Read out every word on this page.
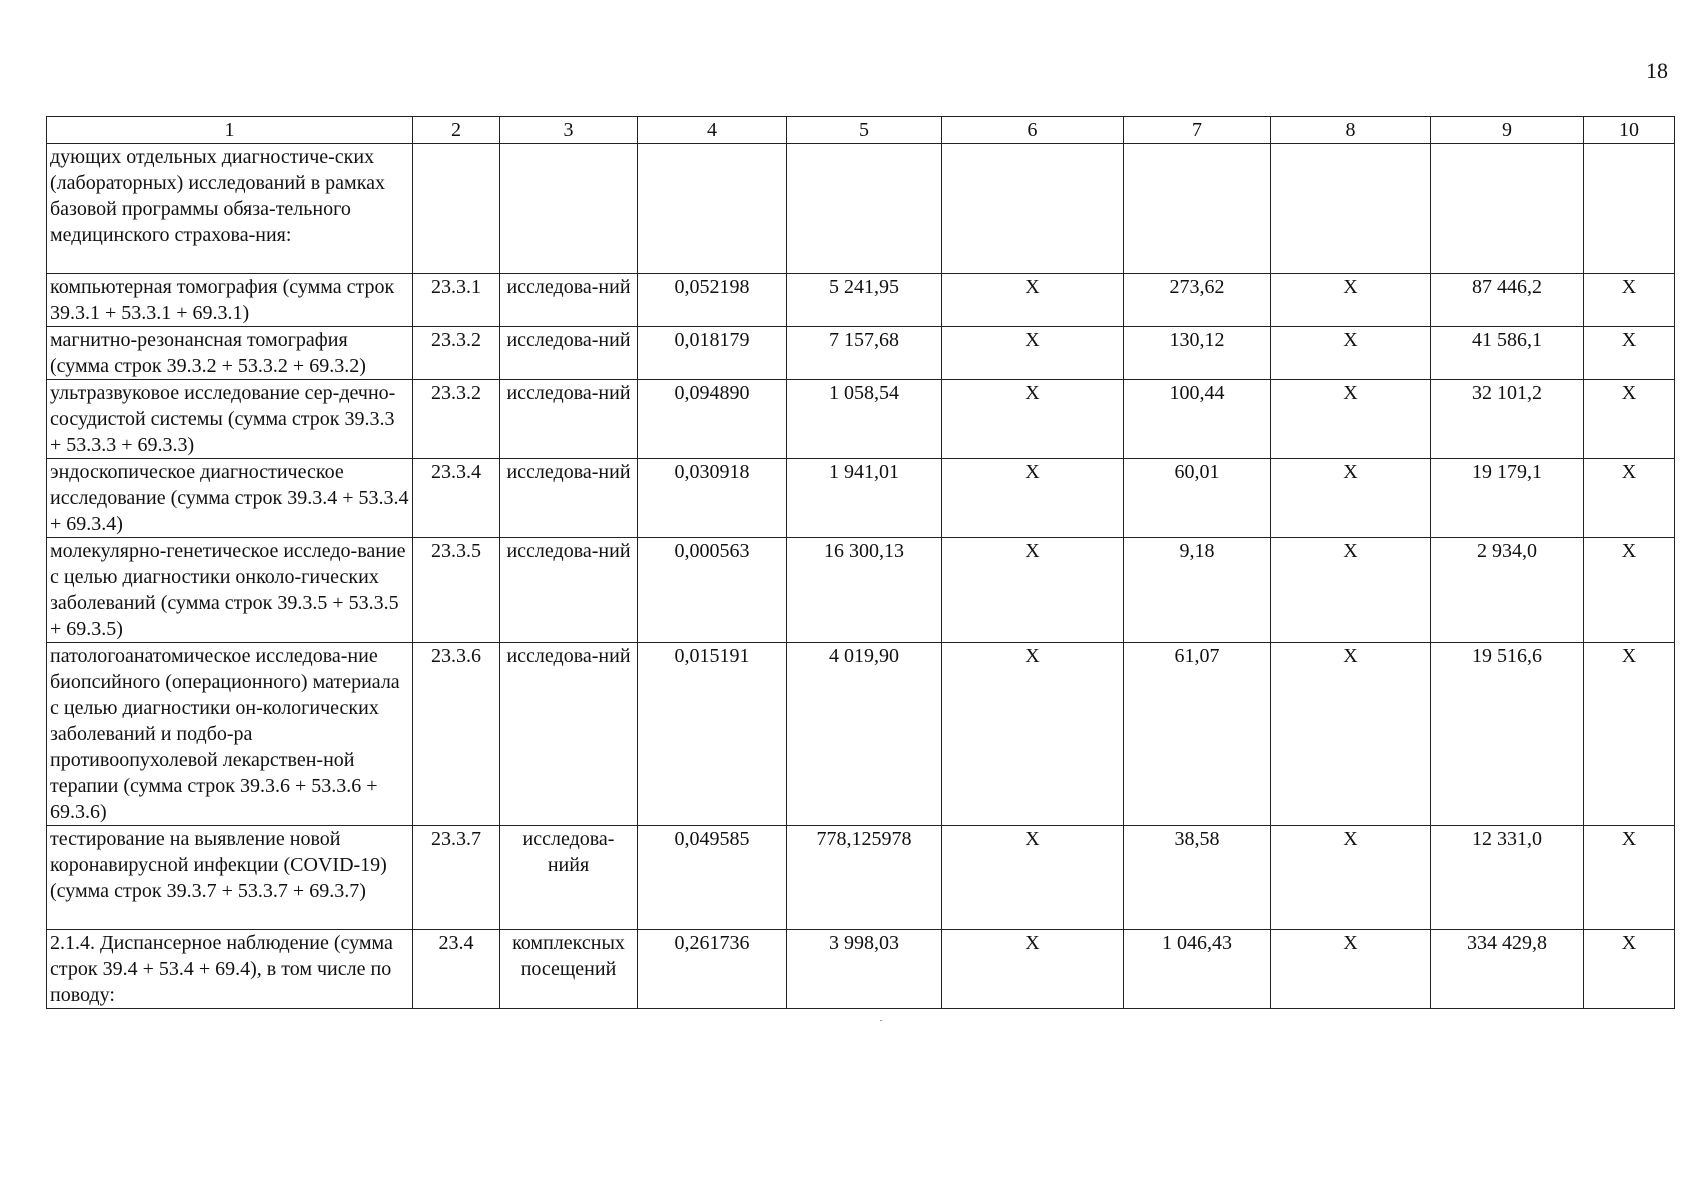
18
1	2	3	4	5	6	7	8	9	10
дующих отдельных диагностиче-ских (лабораторных) исследований в рамках базовой программы обяза-тельного медицинского страхова-ния:									
компьютерная томография (сумма строк 39.3.1 + 53.3.1 + 69.3.1)	23.3.1	исследова-ний	0,052198	5 241,95	Х	273,62	Х	87 446,2	Х
магнитно-резонансная томография (сумма строк 39.3.2 + 53.3.2 + 69.3.2)	23.3.2	исследова-ний	0,018179	7 157,68	Х	130,12	Х	41 586,1	Х
ультразвуковое исследование сер-дечно-сосудистой системы (сумма строк 39.3.3 + 53.3.3 + 69.3.3)	23.3.2	исследова-ний	0,094890	1 058,54	Х	100,44	Х	32 101,2	Х
эндоскопическое диагностическое исследование (сумма строк 39.3.4 + 53.3.4 + 69.3.4)	23.3.4	исследова-ний	0,030918	1 941,01	Х	60,01	Х	19 179,1	Х
молекулярно-генетическое исследо-вание с целью диагностики онколо-гических заболеваний (сумма строк 39.3.5 + 53.3.5 + 69.3.5)	23.3.5	исследова-ний	0,000563	16 300,13	Х	9,18	Х	2 934,0	Х
патологоанатомическое исследова-ние биопсийного (операционного) материала с целью диагностики он-кологических заболеваний и подбо-ра противоопухолевой лекарствен-ной терапии (сумма строк 39.3.6 + 53.3.6 + 69.3.6)	23.3.6	исследова-ний	0,015191	4 019,90	Х	61,07	Х	19 516,6	Х
тестирование на выявление новой коронавирусной инфекции (COVID-19) (сумма строк 39.3.7 + 53.3.7 + 69.3.7)	23.3.7	исследова-нийя	0,049585	778,125978	Х	38,58	Х	12 331,0	Х
2.1.4. Диспансерное наблюдение (сумма строк 39.4 + 53.4 + 69.4), в том числе по поводу:	23.4	комплексных посещений	0,261736	3 998,03	Х	1 046,43	Х	334 429,8	Х
